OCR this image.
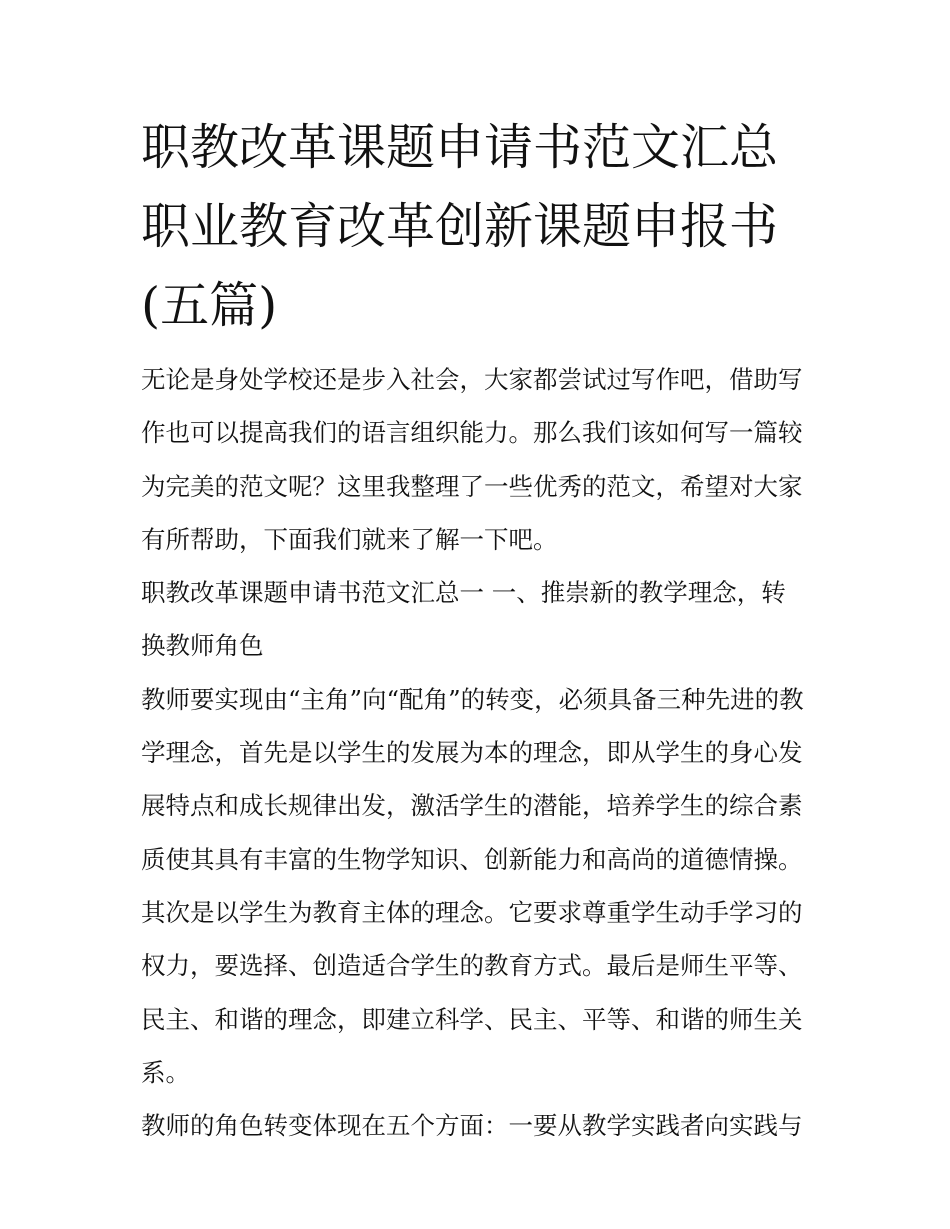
职教改革课题申请书范文汇总
职业教育改革创新课题申报书
(五篇)

无论是身处学校还是步入社会，大家都尝试过写作吧，借助写
作也可以提高我们的语言组织能力。那么我们该如何写一篇较
为完美的范文呢？这里我整理了一些优秀的范文，希望对大家
有所帮助，下面我们就来了解一下吧。

职教改革课题申请书范文汇总一 一、推崇新的教学理念，转
换教师角色

教师要实现由“主角”向“配角”的转变，必须具备三种先进的教
学理念，首先是以学生的发展为本的理念，即从学生的身心发
展特点和成长规律出发，激活学生的潜能，培养学生的综合素
质使其具有丰富的生物学知识、创新能力和高尚的道德情操。
其次是以学生为教育主体的理念。它要求尊重学生动手学习的
权力，要选择、创造适合学生的教育方式。最后是师生平等、
民主、和谐的理念，即建立科学、民主、平等、和谐的师生关
系。

教师的角色转变体现在五个方面：一要从教学实践者向实践与
